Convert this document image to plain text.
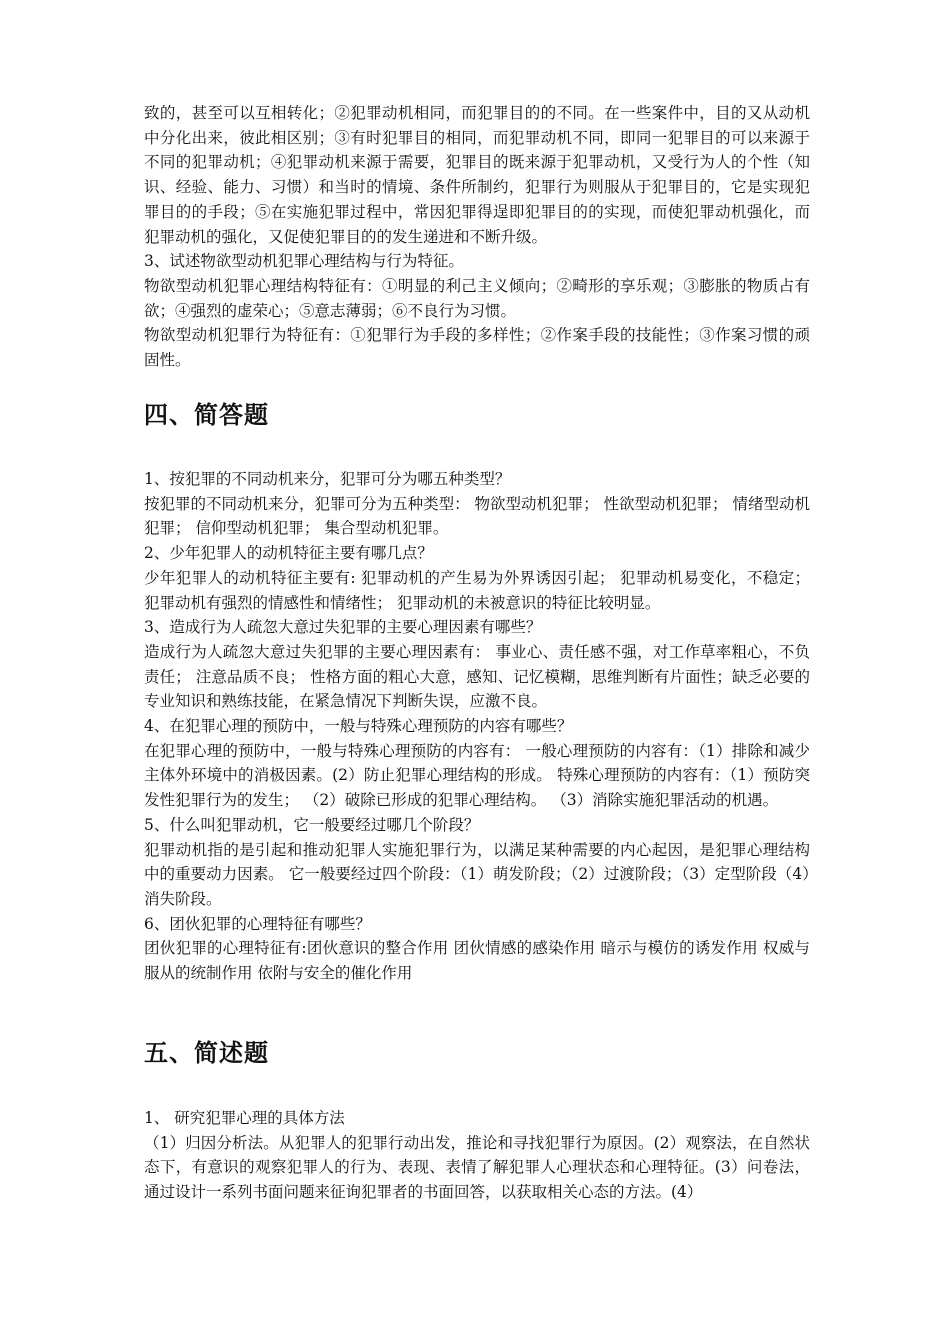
致的，甚至可以互相转化；②犯罪动机相同，而犯罪目的的不同。在一些案件中，目的又从动机中分化出来，彼此相区别；③有时犯罪目的相同，而犯罪动机不同，即同一犯罪目的可以来源于不同的犯罪动机；④犯罪动机来源于需要，犯罪目的既来源于犯罪动机，又受行为人的个性（知识、经验、能力、习惯）和当时的情境、条件所制约，犯罪行为则服从于犯罪目的，它是实现犯罪目的的手段；⑤在实施犯罪过程中，常因犯罪得逞即犯罪目的的实现，而使犯罪动机强化，而犯罪动机的强化，又促使犯罪目的的发生递进和不断升级。

3、试述物欲型动机犯罪心理结构与行为特征。

物欲型动机犯罪心理结构特征有：①明显的利己主义倾向；②畸形的享乐观；③膨胀的物质占有欲；④强烈的虚荣心；⑤意志薄弱；⑥不良行为习惯。

物欲型动机犯罪行为特征有：①犯罪行为手段的多样性；②作案手段的技能性；③作案习惯的顽固性。

四、简答题

1、按犯罪的不同动机来分，犯罪可分为哪五种类型？

按犯罪的不同动机来分，犯罪可分为五种类型： 物欲型动机犯罪； 性欲型动机犯罪； 情绪型动机犯罪； 信仰型动机犯罪； 集合型动机犯罪。

2、少年犯罪人的动机特征主要有哪几点？

少年犯罪人的动机特征主要有: 犯罪动机的产生易为外界诱因引起； 犯罪动机易变化，不稳定； 犯罪动机有强烈的情感性和情绪性； 犯罪动机的未被意识的特征比较明显。

3、造成行为人疏忽大意过失犯罪的主要心理因素有哪些？

造成行为人疏忽大意过失犯罪的主要心理因素有： 事业心、责任感不强，对工作草率粗心，不负责任； 注意品质不良； 性格方面的粗心大意，感知、记忆模糊，思维判断有片面性；缺乏必要的专业知识和熟练技能，在紧急情况下判断失误，应激不良。

4、在犯罪心理的预防中，一般与特殊心理预防的内容有哪些？

在犯罪心理的预防中，一般与特殊心理预防的内容有： 一般心理预防的内容有：（1）排除和减少主体外环境中的消极因素。(2）防止犯罪心理结构的形成。 特殊心理预防的内容有：（1）预防突发性犯罪行为的发生； （2）破除已形成的犯罪心理结构。 （3）消除实施犯罪活动的机遇。

5、什么叫犯罪动机，它一般要经过哪几个阶段？

犯罪动机指的是引起和推动犯罪人实施犯罪行为，以满足某种需要的内心起因，是犯罪心理结构中的重要动力因素。 它一般要经过四个阶段：（1）萌发阶段；（2）过渡阶段；（3）定型阶段（4）消失阶段。

6、团伙犯罪的心理特征有哪些？

团伙犯罪的心理特征有:团伙意识的整合作用 团伙情感的感染作用 暗示与模仿的诱发作用 权威与服从的统制作用 依附与安全的催化作用

五、简述题

1、 研究犯罪心理的具体方法

（1）归因分析法。从犯罪人的犯罪行动出发，推论和寻找犯罪行为原因。(2）观察法，在自然状态下，有意识的观察犯罪人的行为、表现、表情了解犯罪人心理状态和心理特征。(3）问卷法，通过设计一系列书面问题来征询犯罪者的书面回答，以获取相关心态的方法。(4）
